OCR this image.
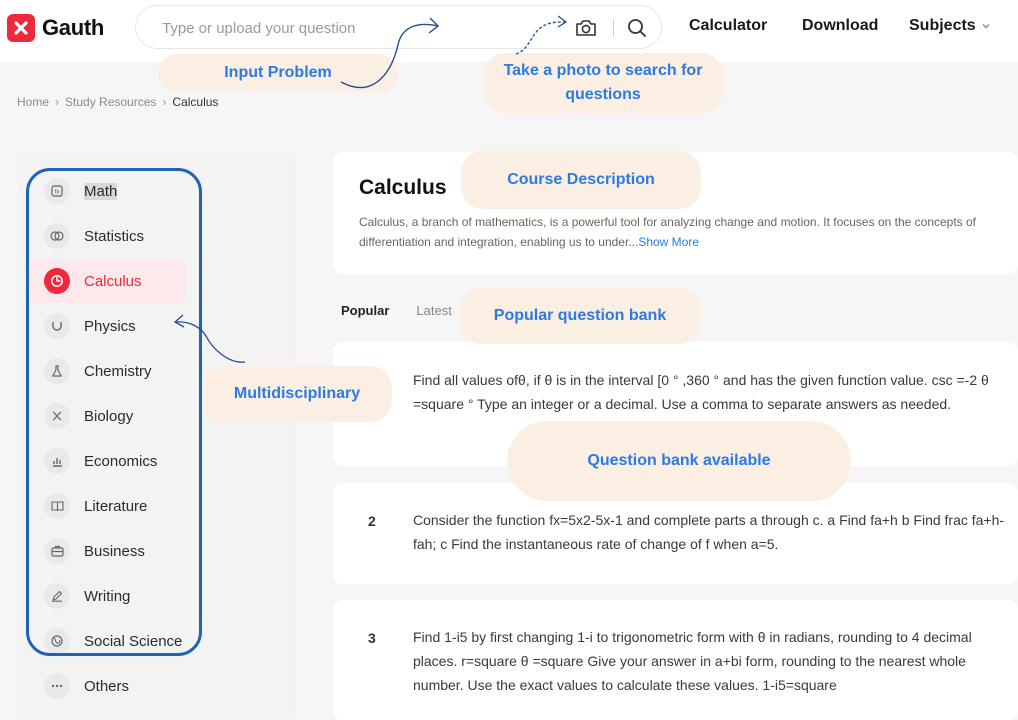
Gauth
Type or upload your question	Calculator Download Subjects
Home › Study Resources › Calculus
fx Math
Statistics
Calculus
Physics
Chemistry
Biology
Economics
Literature
Business
Writing
Social Science
Others
Calculus
Calculus, a branch of mathematics, is a powerful tool for analyzing change and motion. It focuses on the concepts of differentiation and integration, enabling us to under...Show More
Popular Latest
Find all values ofθ, if θ is in the interval [0 ° ,360 ° and has the given function value. csc =-2 θ =square ° Type an integer or a decimal. Use a comma to separate answers as needed.
2	Consider the function fx=5x2-5x-1 and complete parts a through c. a Find fa+h b Find frac fa+h-fah; c Find the instantaneous rate of change of f when a=5.
3	Find 1-i5 by first changing 1-i to trigonometric form with θ in radians, rounding to 4 decimal places. r=square θ =square Give your answer in a+bi form, rounding to the nearest whole number. Use the exact values to calculate these values. 1-i5=square
Input Problem	Take a photo to search for questions
Course Description
Popular question bank
Question bank available
Multidisciplinary
